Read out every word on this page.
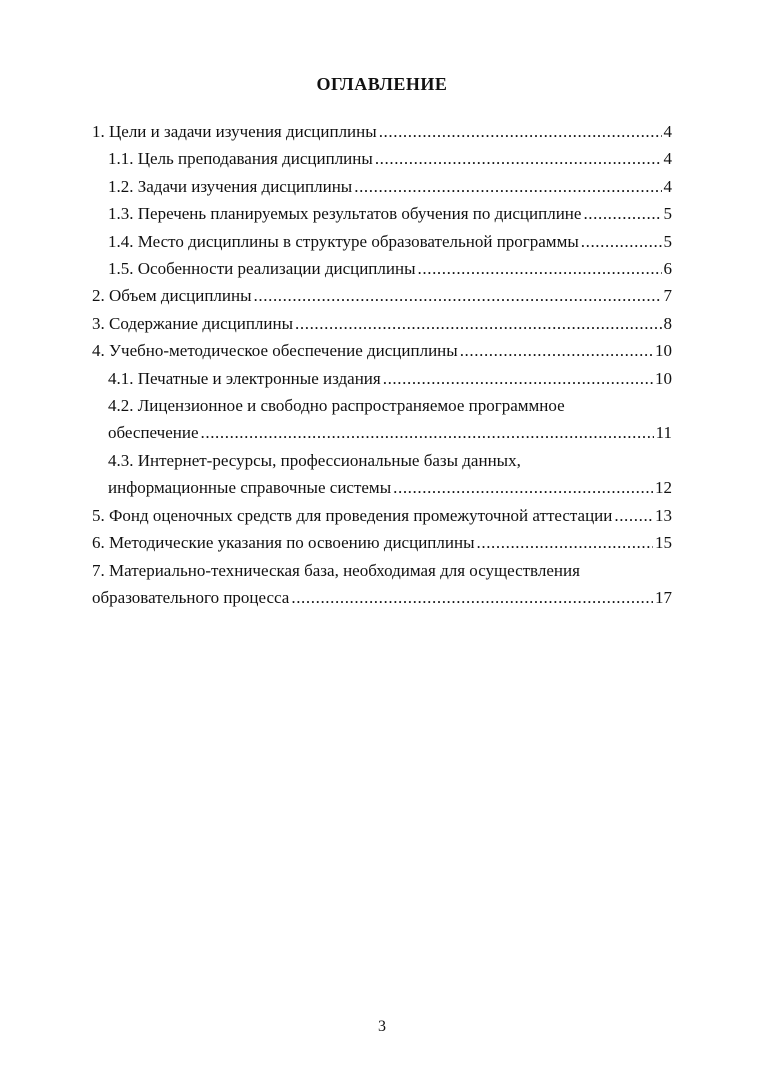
ОГЛАВЛЕНИЕ
1. Цели и задачи изучения дисциплины .....	4
1.1. Цель преподавания дисциплины .....	4
1.2. Задачи изучения дисциплины .....	4
1.3. Перечень планируемых результатов обучения по дисциплине .....	5
1.4. Место дисциплины в структуре образовательной программы .....	5
1.5. Особенности реализации дисциплины .....	6
2. Объем дисциплины .....	7
3. Содержание дисциплины .....	8
4. Учебно-методическое обеспечение дисциплины .....	10
4.1. Печатные и электронные издания .....	10
4.2. Лицензионное и свободно распространяемое программное
обеспечение .....	11
4.3. Интернет-ресурсы, профессиональные базы данных,
информационные справочные системы .....	12
5. Фонд оценочных средств для проведения промежуточной аттестации .....	13
6. Методические указания по освоению дисциплины .....	15
7. Материально-техническая база, необходимая для осуществления
образовательного процесса .....	17
3
